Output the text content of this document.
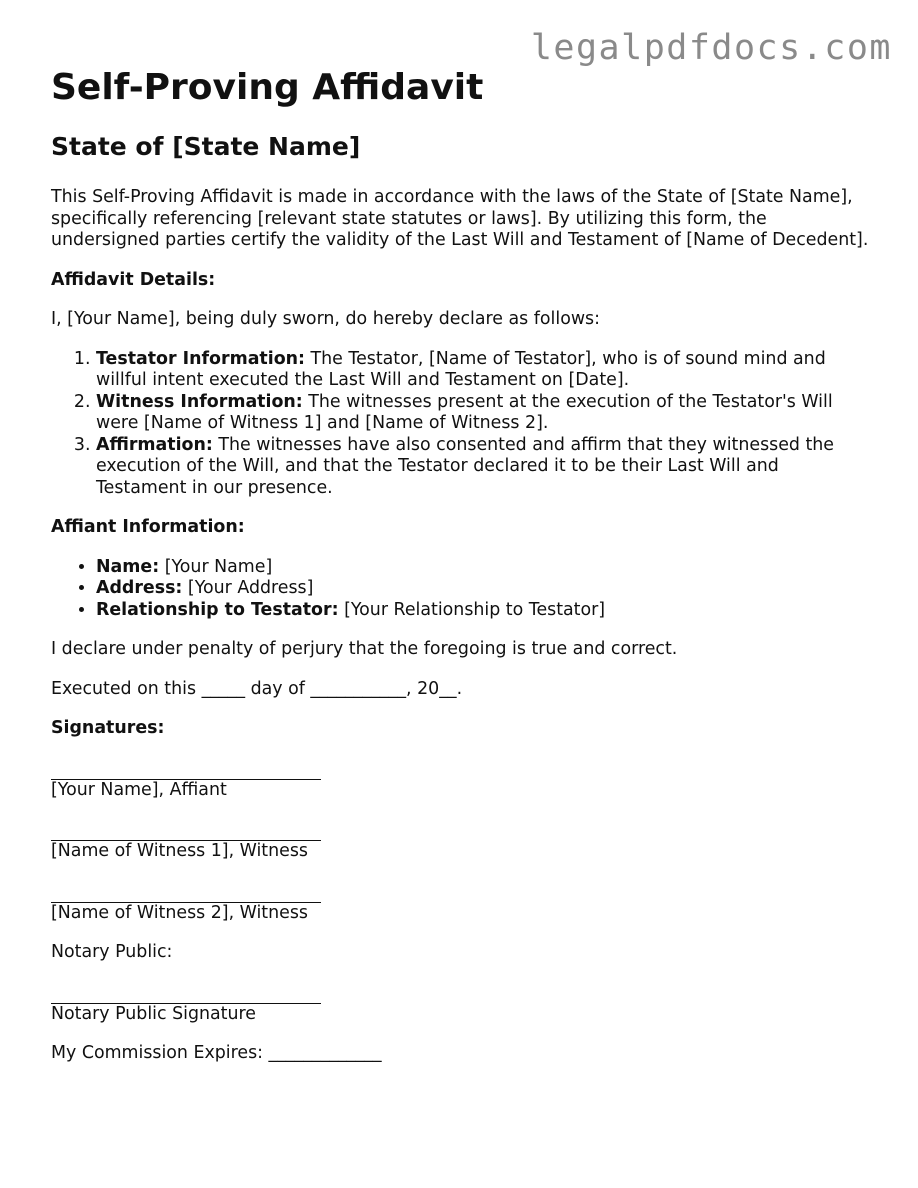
legalpdfdocs.com
Self-Proving Affidavit
State of [State Name]

This Self-Proving Affidavit is made in accordance with the laws of the State of [State Name], specifically referencing [relevant state statutes or laws]. By utilizing this form, the undersigned parties certify the validity of the Last Will and Testament of [Name of Decedent].

Affidavit Details:

I, [Your Name], being duly sworn, do hereby declare as follows:

1. Testator Information: The Testator, [Name of Testator], who is of sound mind and willful intent executed the Last Will and Testament on [Date].
2. Witness Information: The witnesses present at the execution of the Testator's Will were [Name of Witness 1] and [Name of Witness 2].
3. Affirmation: The witnesses have also consented and affirm that they witnessed the execution of the Will, and that the Testator declared it to be their Last Will and Testament in our presence.
Affiant Information:
• Name: [Your Name]
• Address: [Your Address]
• Relationship to Testator: [Your Relationship to Testator]

I declare under penalty of perjury that the foregoing is true and correct.

Executed on this _____ day of ___________, 20__.

Signatures:
[Your Name], Affiant
[Name of Witness 1], Witness
[Name of Witness 2], Witness

Notary Public:

Notary Public Signature

My Commission Expires: _____________
